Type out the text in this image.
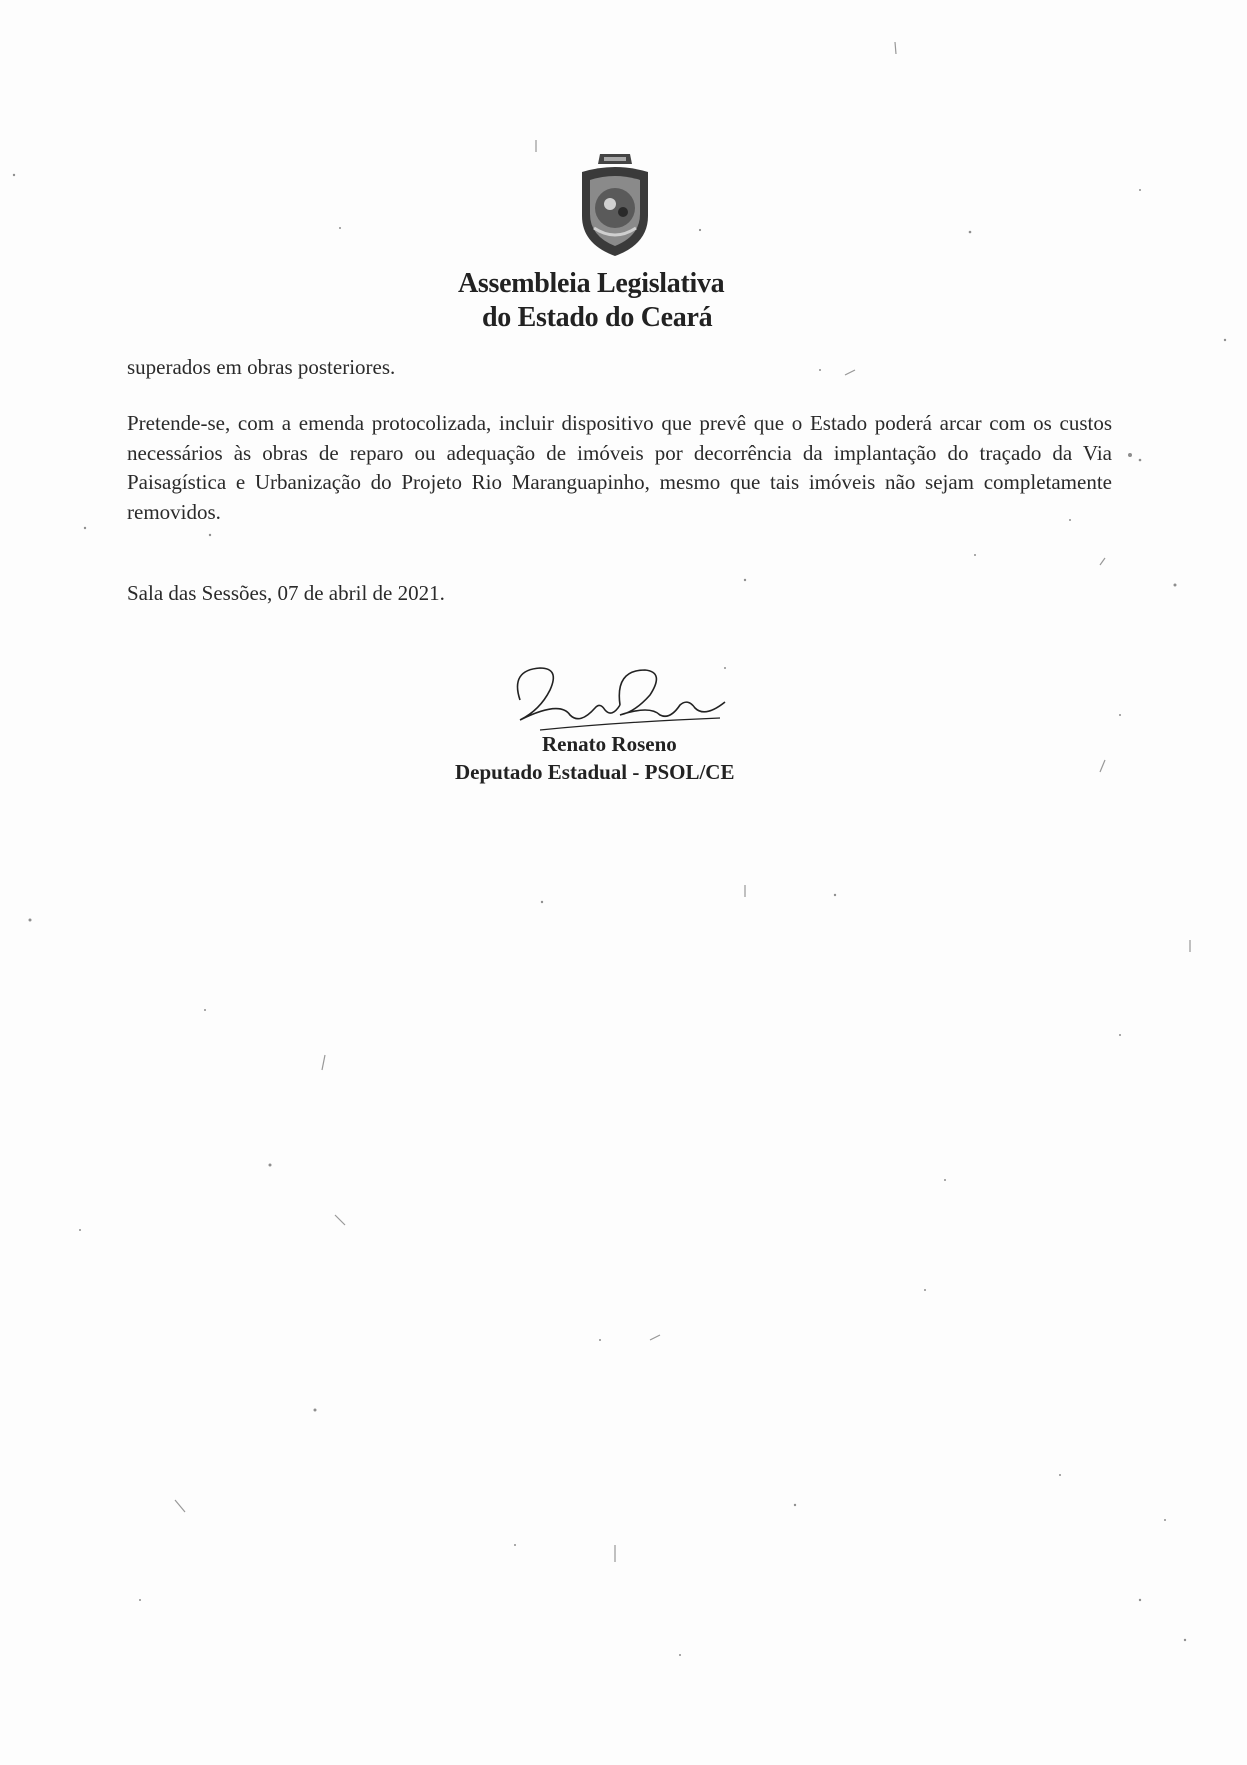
Assembleia Legislativa
do Estado do Ceará
superados em obras posteriores.
Pretende-se, com a emenda protocolizada, incluir dispositivo que prevê que o Estado poderá arcar com os custos necessários às obras de reparo ou adequação de imóveis por decorrência da implantação do traçado da Via Paisagística e Urbanização do Projeto Rio Maranguapinho, mesmo que tais imóveis não sejam completamente removidos.
Sala das Sessões, 07 de abril de 2021.
Renato Roseno
Deputado Estadual - PSOL/CE
